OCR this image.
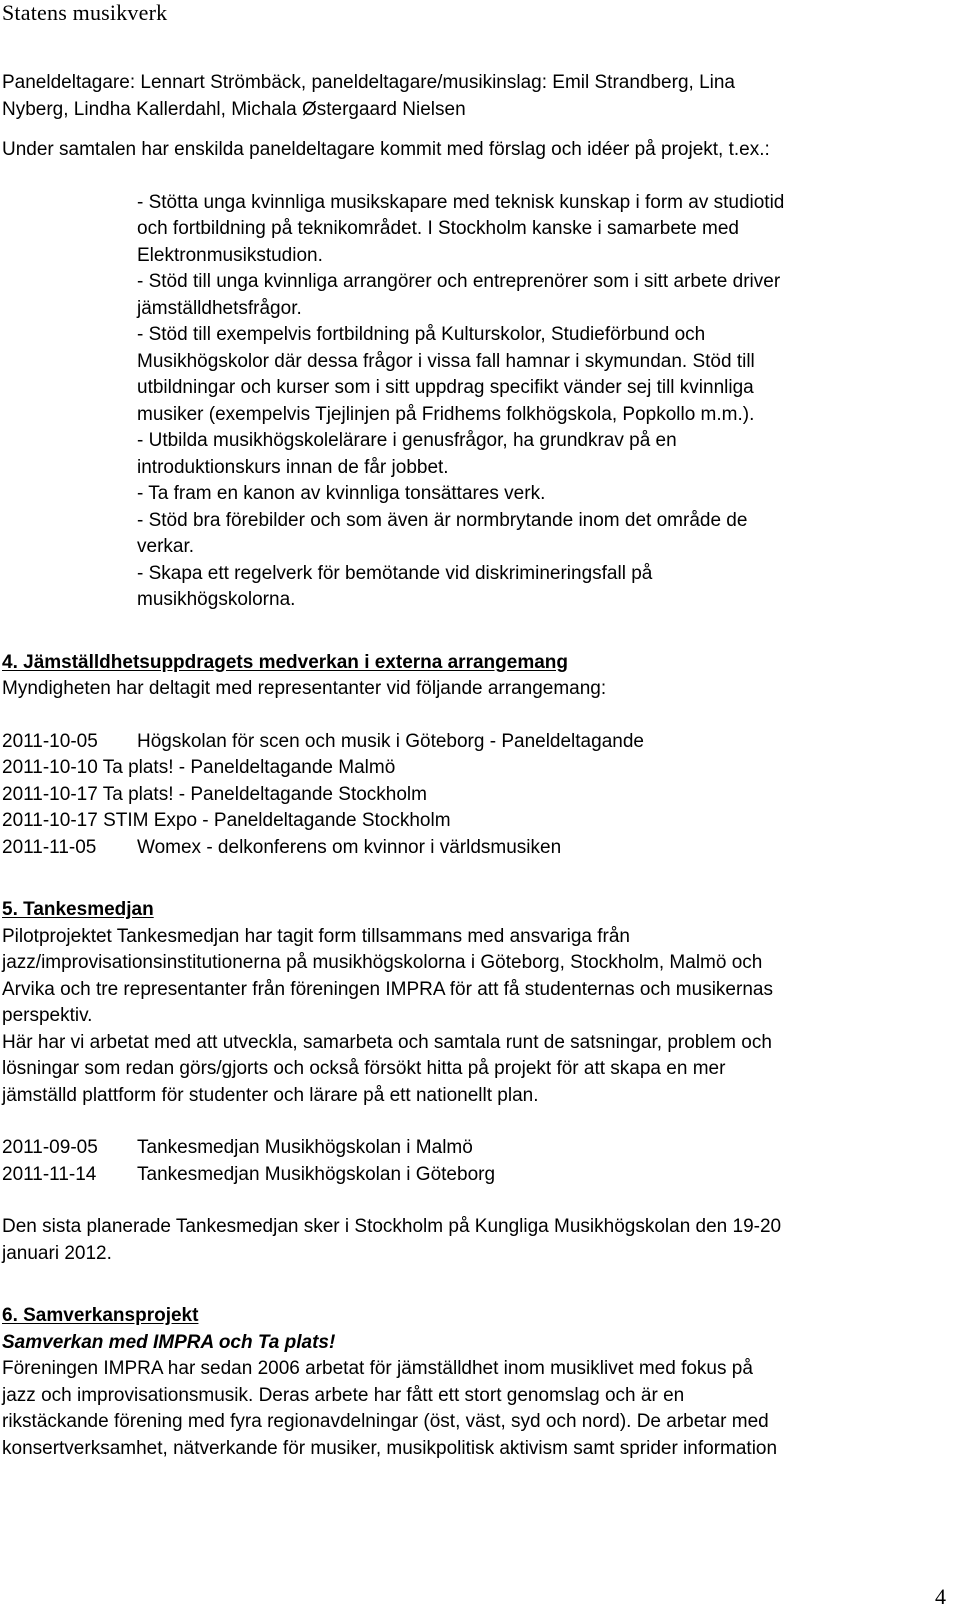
Statens musikverk
Paneldeltagare: Lennart Strömbäck, paneldeltagare/musikinslag: Emil Strandberg, Lina
Nyberg, Lindha Kallerdahl, Michala Østergaard Nielsen
Under samtalen har enskilda paneldeltagare kommit med förslag och idéer på projekt, t.ex.:
- Stötta unga kvinnliga musikskapare med teknisk kunskap i form av studiotid
och fortbildning på teknikområdet. I Stockholm kanske i samarbete med
Elektronmusikstudion.
- Stöd till unga kvinnliga arrangörer och entreprenörer som i sitt arbete driver
jämställdhetsfrågor.
- Stöd till exempelvis fortbildning på Kulturskolor, Studieförbund och
Musikhögskolor där dessa frågor i vissa fall hamnar i skymundan. Stöd till
utbildningar och kurser som i sitt uppdrag specifikt vänder sej till kvinnliga
musiker (exempelvis Tjejlinjen på Fridhems folkhögskola, Popkollo m.m.).
- Utbilda musikhögskolelärare i genusfrågor, ha grundkrav på en
introduktionskurs innan de får jobbet.
- Ta fram en kanon av kvinnliga tonsättares verk.
- Stöd bra förebilder och som även är normbrytande inom det område de
verkar.
- Skapa ett regelverk för bemötande vid diskrimineringsfall på
musikhögskolorna.
4. Jämställdhetsuppdragets medverkan i externa arrangemang
Myndigheten har deltagit med representanter vid följande arrangemang:
2011-10-05 Högskolan för scen och musik i Göteborg - Paneldeltagande
2011-10-10 Ta plats! - Paneldeltagande Malmö
2011-10-17 Ta plats! - Paneldeltagande Stockholm
2011-10-17 STIM Expo - Paneldeltagande Stockholm
2011-11-05 Womex - delkonferens om kvinnor i världsmusiken
5. Tankesmedjan
Pilotprojektet Tankesmedjan har tagit form tillsammans med ansvariga från
jazz/improvisationsinstitutionerna på musikhögskolorna i Göteborg, Stockholm, Malmö och
Arvika och tre representanter från föreningen IMPRA för att få studenternas och musikernas
perspektiv.
Här har vi arbetat med att utveckla, samarbeta och samtala runt de satsningar, problem och
lösningar som redan görs/gjorts och också försökt hitta på projekt för att skapa en mer
jämställd plattform för studenter och lärare på ett nationellt plan.
2011-09-05 Tankesmedjan Musikhögskolan i Malmö
2011-11-14 Tankesmedjan Musikhögskolan i Göteborg
Den sista planerade Tankesmedjan sker i Stockholm på Kungliga Musikhögskolan den 19-20
januari 2012.
6. Samverkansprojekt
Samverkan med IMPRA och Ta plats!
Föreningen IMPRA har sedan 2006 arbetat för jämställdhet inom musiklivet med fokus på
jazz och improvisationsmusik. Deras arbete har fått ett stort genomslag och är en
rikstäckande förening med fyra regionavdelningar (öst, väst, syd och nord). De arbetar med
konsertverksamhet, nätverkande för musiker, musikpolitisk aktivism samt sprider information
4
